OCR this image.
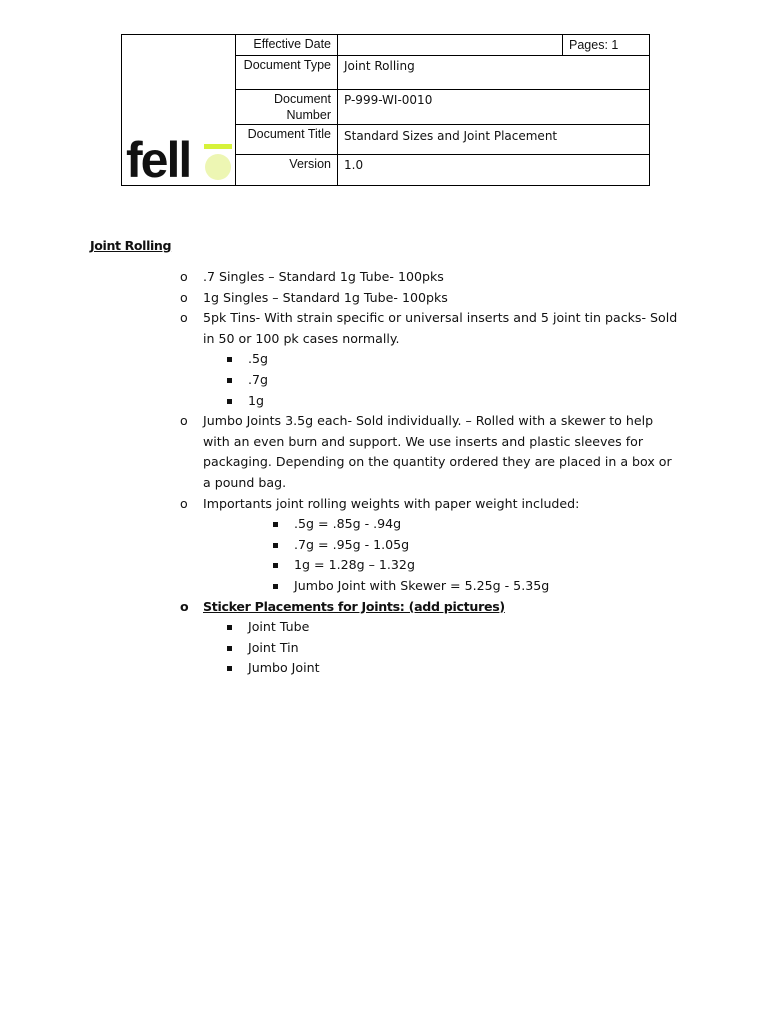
fell	Effective Date		Pages: 1
	Document Type	Joint Rolling	
	Document Number	P-999-WI-0010	
	Document Title	Standard Sizes and Joint Placement	
	Version	1.0	
Joint Rolling
o .7 Singles – Standard 1g Tube- 100pks
o 1g Singles – Standard 1g Tube- 100pks
o 5pk Tins- With strain specific or universal inserts and 5 joint tin packs- Sold in 50 or 100 pk cases normally.
.5g
.7g
1g
o Jumbo Joints 3.5g each- Sold individually. – Rolled with a skewer to help with an even burn and support. We use inserts and plastic sleeves for packaging. Depending on the quantity ordered they are placed in a box or a pound bag.
o Importants joint rolling weights with paper weight included:
.5g = .85g - .94g
.7g = .95g - 1.05g
1g = 1.28g – 1.32g
Jumbo Joint with Skewer = 5.25g - 5.35g
o Sticker Placements for Joints: (add pictures)
Joint Tube
Joint Tin
Jumbo Joint
